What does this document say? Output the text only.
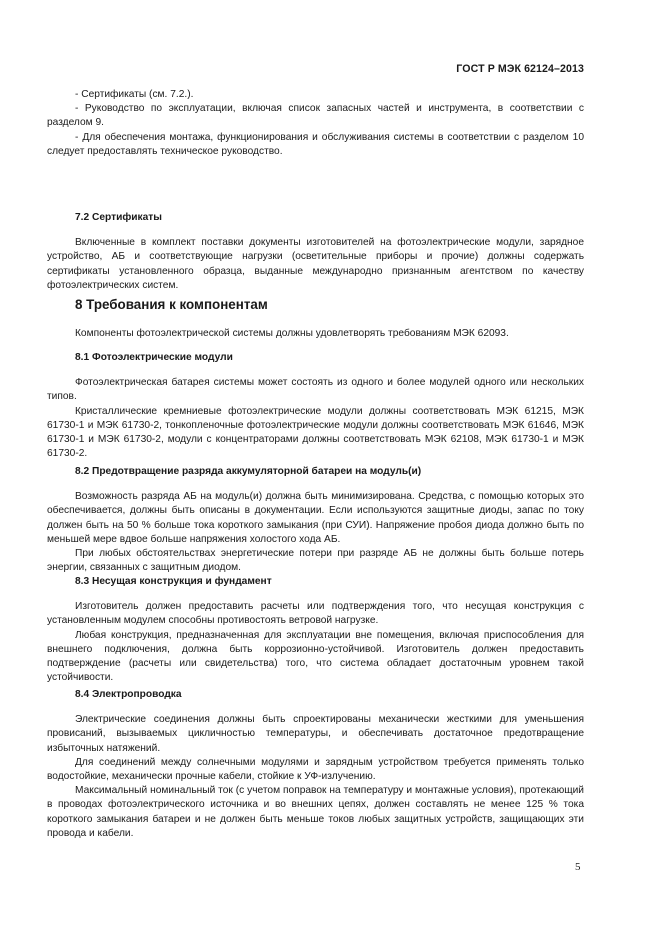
ГОСТ Р МЭК 62124–2013

- Сертификаты (см. 7.2.).

- Руководство по эксплуатации, включая список запасных частей и инструмента, в соответствии с разделом 9.

- Для обеспечения монтажа, функционирования и обслуживания системы в соответствии с разделом 10 следует предоставлять техническое руководство.

7.2 Сертификаты

Включенные в комплект поставки документы изготовителей на фотоэлектрические модули, зарядное устройство, АБ и соответствующие нагрузки (осветительные приборы и прочие) должны содержать сертификаты установленного образца, выданные международно признанным агентством по качеству фотоэлектрических систем.

8 Требования к компонентам

Компоненты фотоэлектрической системы должны удовлетворять требованиям МЭК 62093.

8.1 Фотоэлектрические модули

Фотоэлектрическая батарея системы может состоять из одного и более модулей одного или нескольких типов.

Кристаллические кремниевые фотоэлектрические модули должны соответствовать МЭК 61215, МЭК 61730-1 и МЭК 61730-2, тонкопленочные фотоэлектрические модули должны соответствовать МЭК 61646, МЭК 61730-1 и МЭК 61730-2, модули с концентраторами должны соответствовать МЭК 62108, МЭК 61730-1 и МЭК 61730-2.

8.2 Предотвращение разряда аккумуляторной батареи на модуль(и)

Возможность разряда АБ на модуль(и) должна быть минимизирована. Средства, с помощью которых это обеспечивается, должны быть описаны в документации. Если используются защитные диоды, запас по току должен быть на 50 % больше тока короткого замыкания (при СУИ). Напряжение пробоя диода должно быть по меньшей мере вдвое больше напряжения холостого хода АБ.

При любых обстоятельствах энергетические потери при разряде АБ не должны быть больше потерь энергии, связанных с защитным диодом.

8.3 Несущая конструкция и фундамент

Изготовитель должен предоставить расчеты или подтверждения того, что несущая конструкция с установленным модулем способны противостоять ветровой нагрузке.

Любая конструкция, предназначенная для эксплуатации вне помещения, включая приспособления для внешнего подключения, должна быть коррозионно-устойчивой. Изготовитель должен предоставить подтверждение (расчеты или свидетельства) того, что система обладает достаточным уровнем такой устойчивости.

8.4 Электропроводка

Электрические соединения должны быть спроектированы механически жесткими для уменьшения провисаний, вызываемых цикличностью температуры, и обеспечивать достаточное предотвращение избыточных натяжений.

Для соединений между солнечными модулями и зарядным устройством требуется применять только водостойкие, механически прочные кабели, стойкие к УФ-излучению.

Максимальный номинальный ток (с учетом поправок на температуру и монтажные условия), протекающий в проводах фотоэлектрического источника и во внешних цепях, должен составлять не менее 125 % тока короткого замыкания батареи и не должен быть меньше токов любых защитных устройств, защищающих эти провода и кабели.

5
